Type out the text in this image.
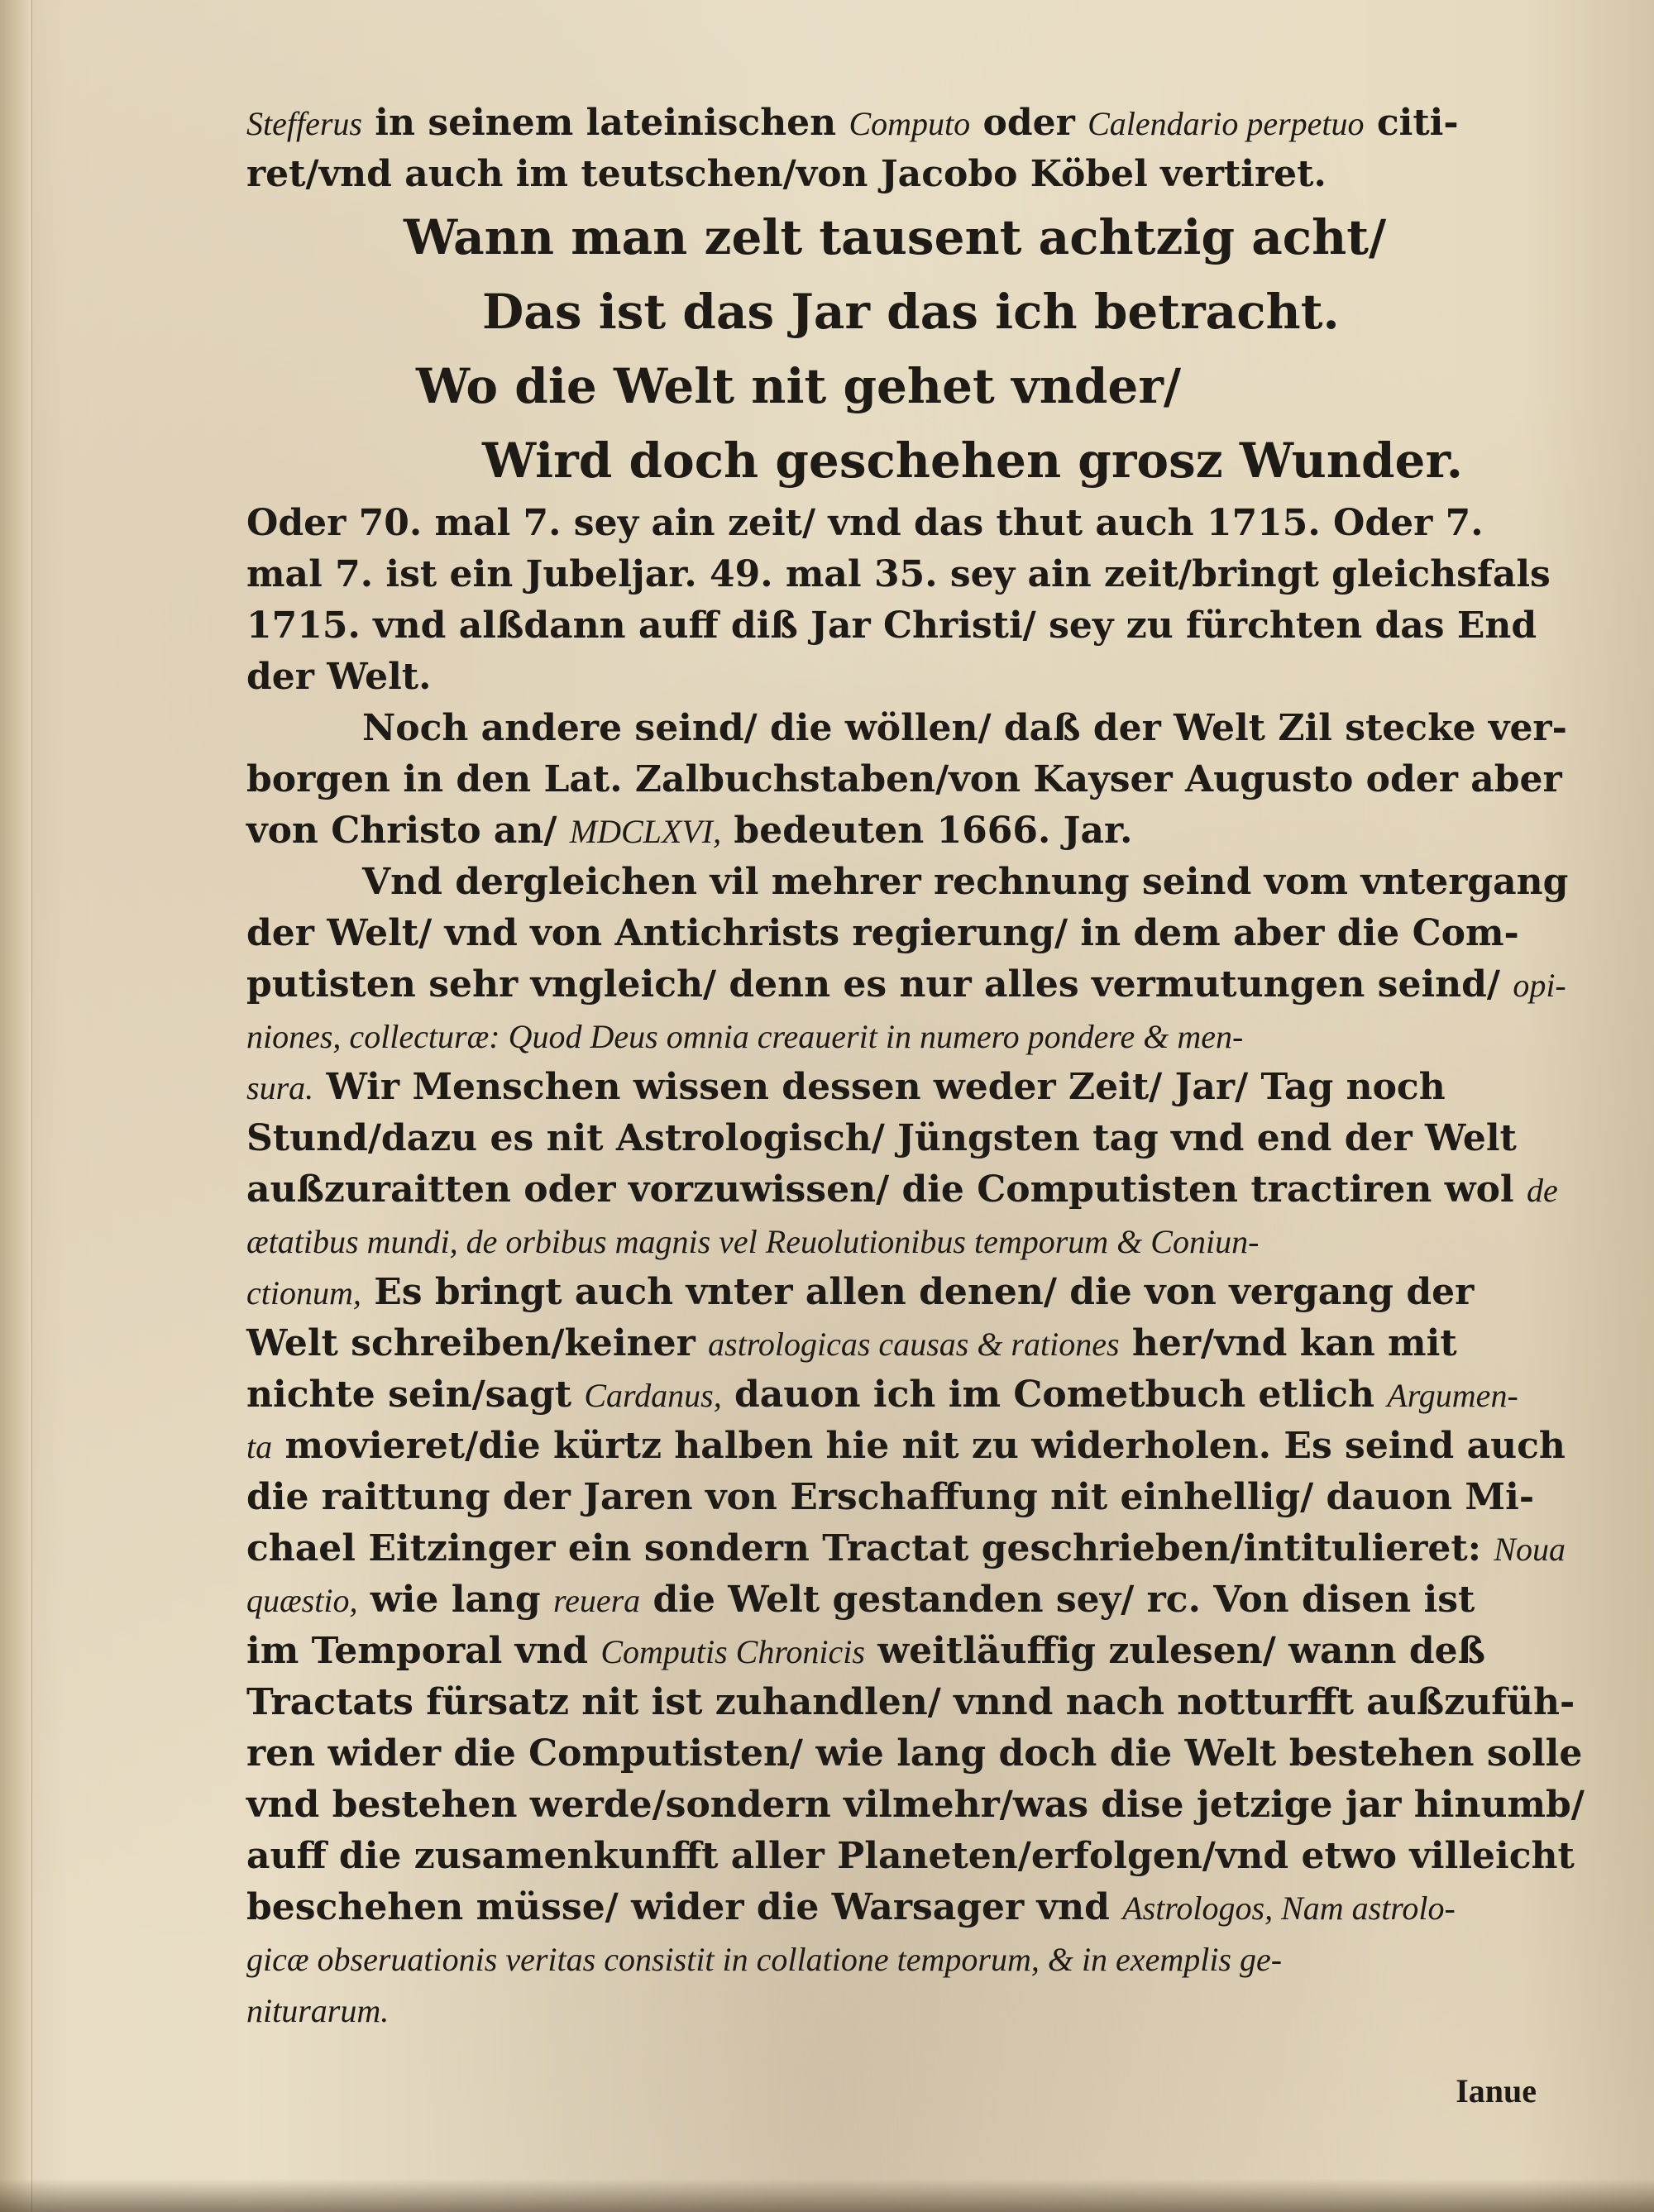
Stefferus in seinem lateinischen Computo oder Calendario perpetuo citi-
ret/vnd auch im teutschen/von Jacobo Köbel vertiret.
Wann man zelt tausent achtzig acht/
Das ist das Jar das ich betracht.
Wo die Welt nit gehet vnder/
Wird doch geschehen grosz Wunder.
Oder 70. mal 7. sey ain zeit/ vnd das thut auch 1715. Oder 7.
mal 7. ist ein Jubeljar. 49. mal 35. sey ain zeit/bringt gleichsfals
1715. vnd alßdann auff diß Jar Christi/ sey zu fürchten das End
der Welt.
Noch andere seind/ die wöllen/ daß der Welt Zil stecke ver-
borgen in den Lat. Zalbuchstaben/von Kayser Augusto oder aber
von Christo an/ MDCLXVI, bedeuten 1666. Jar.
Vnd dergleichen vil mehrer rechnung seind vom vntergang
der Welt/ vnd von Antichrists regierung/ in dem aber die Com-
putisten sehr vngleich/ denn es nur alles vermutungen seind/ opi-
niones, collecturæ: Quod Deus omnia creauerit in numero pondere & men-
sura. Wir Menschen wissen dessen weder Zeit/ Jar/ Tag noch
Stund/dazu es nit Astrologisch/ Jüngsten tag vnd end der Welt
außzuraitten oder vorzuwissen/ die Computisten tractiren wol de
ætatibus mundi, de orbibus magnis vel Reuolutionibus temporum & Coniun-
ctionum, Es bringt auch vnter allen denen/ die von vergang der
Welt schreiben/keiner astrologicas causas & rationes her/vnd kan mit
nichte sein/sagt Cardanus, dauon ich im Cometbuch etlich Argumen-
ta movieret/die kürtz halben hie nit zu widerholen. Es seind auch
die raittung der Jaren von Erschaffung nit einhellig/ dauon Mi-
chael Eitzinger ein sondern Tractat geschrieben/intitulieret: Noua
quæstio, wie lang reuera die Welt gestanden sey/ rc. Von disen ist
im Temporal vnd Computis Chronicis weitläuffig zulesen/ wann deß
Tractats fürsatz nit ist zuhandlen/ vnnd nach notturfft außzufüh-
ren wider die Computisten/ wie lang doch die Welt bestehen solle
vnd bestehen werde/sondern vilmehr/was dise jetzige jar hinumb/
auff die zusamenkunfft aller Planeten/erfolgen/vnd etwo villeicht
beschehen müsse/ wider die Warsager vnd Astrologos, Nam astrolo-
gicæ obseruationis veritas consistit in collatione temporum, & in exemplis ge-
niturarum.
Ianue
